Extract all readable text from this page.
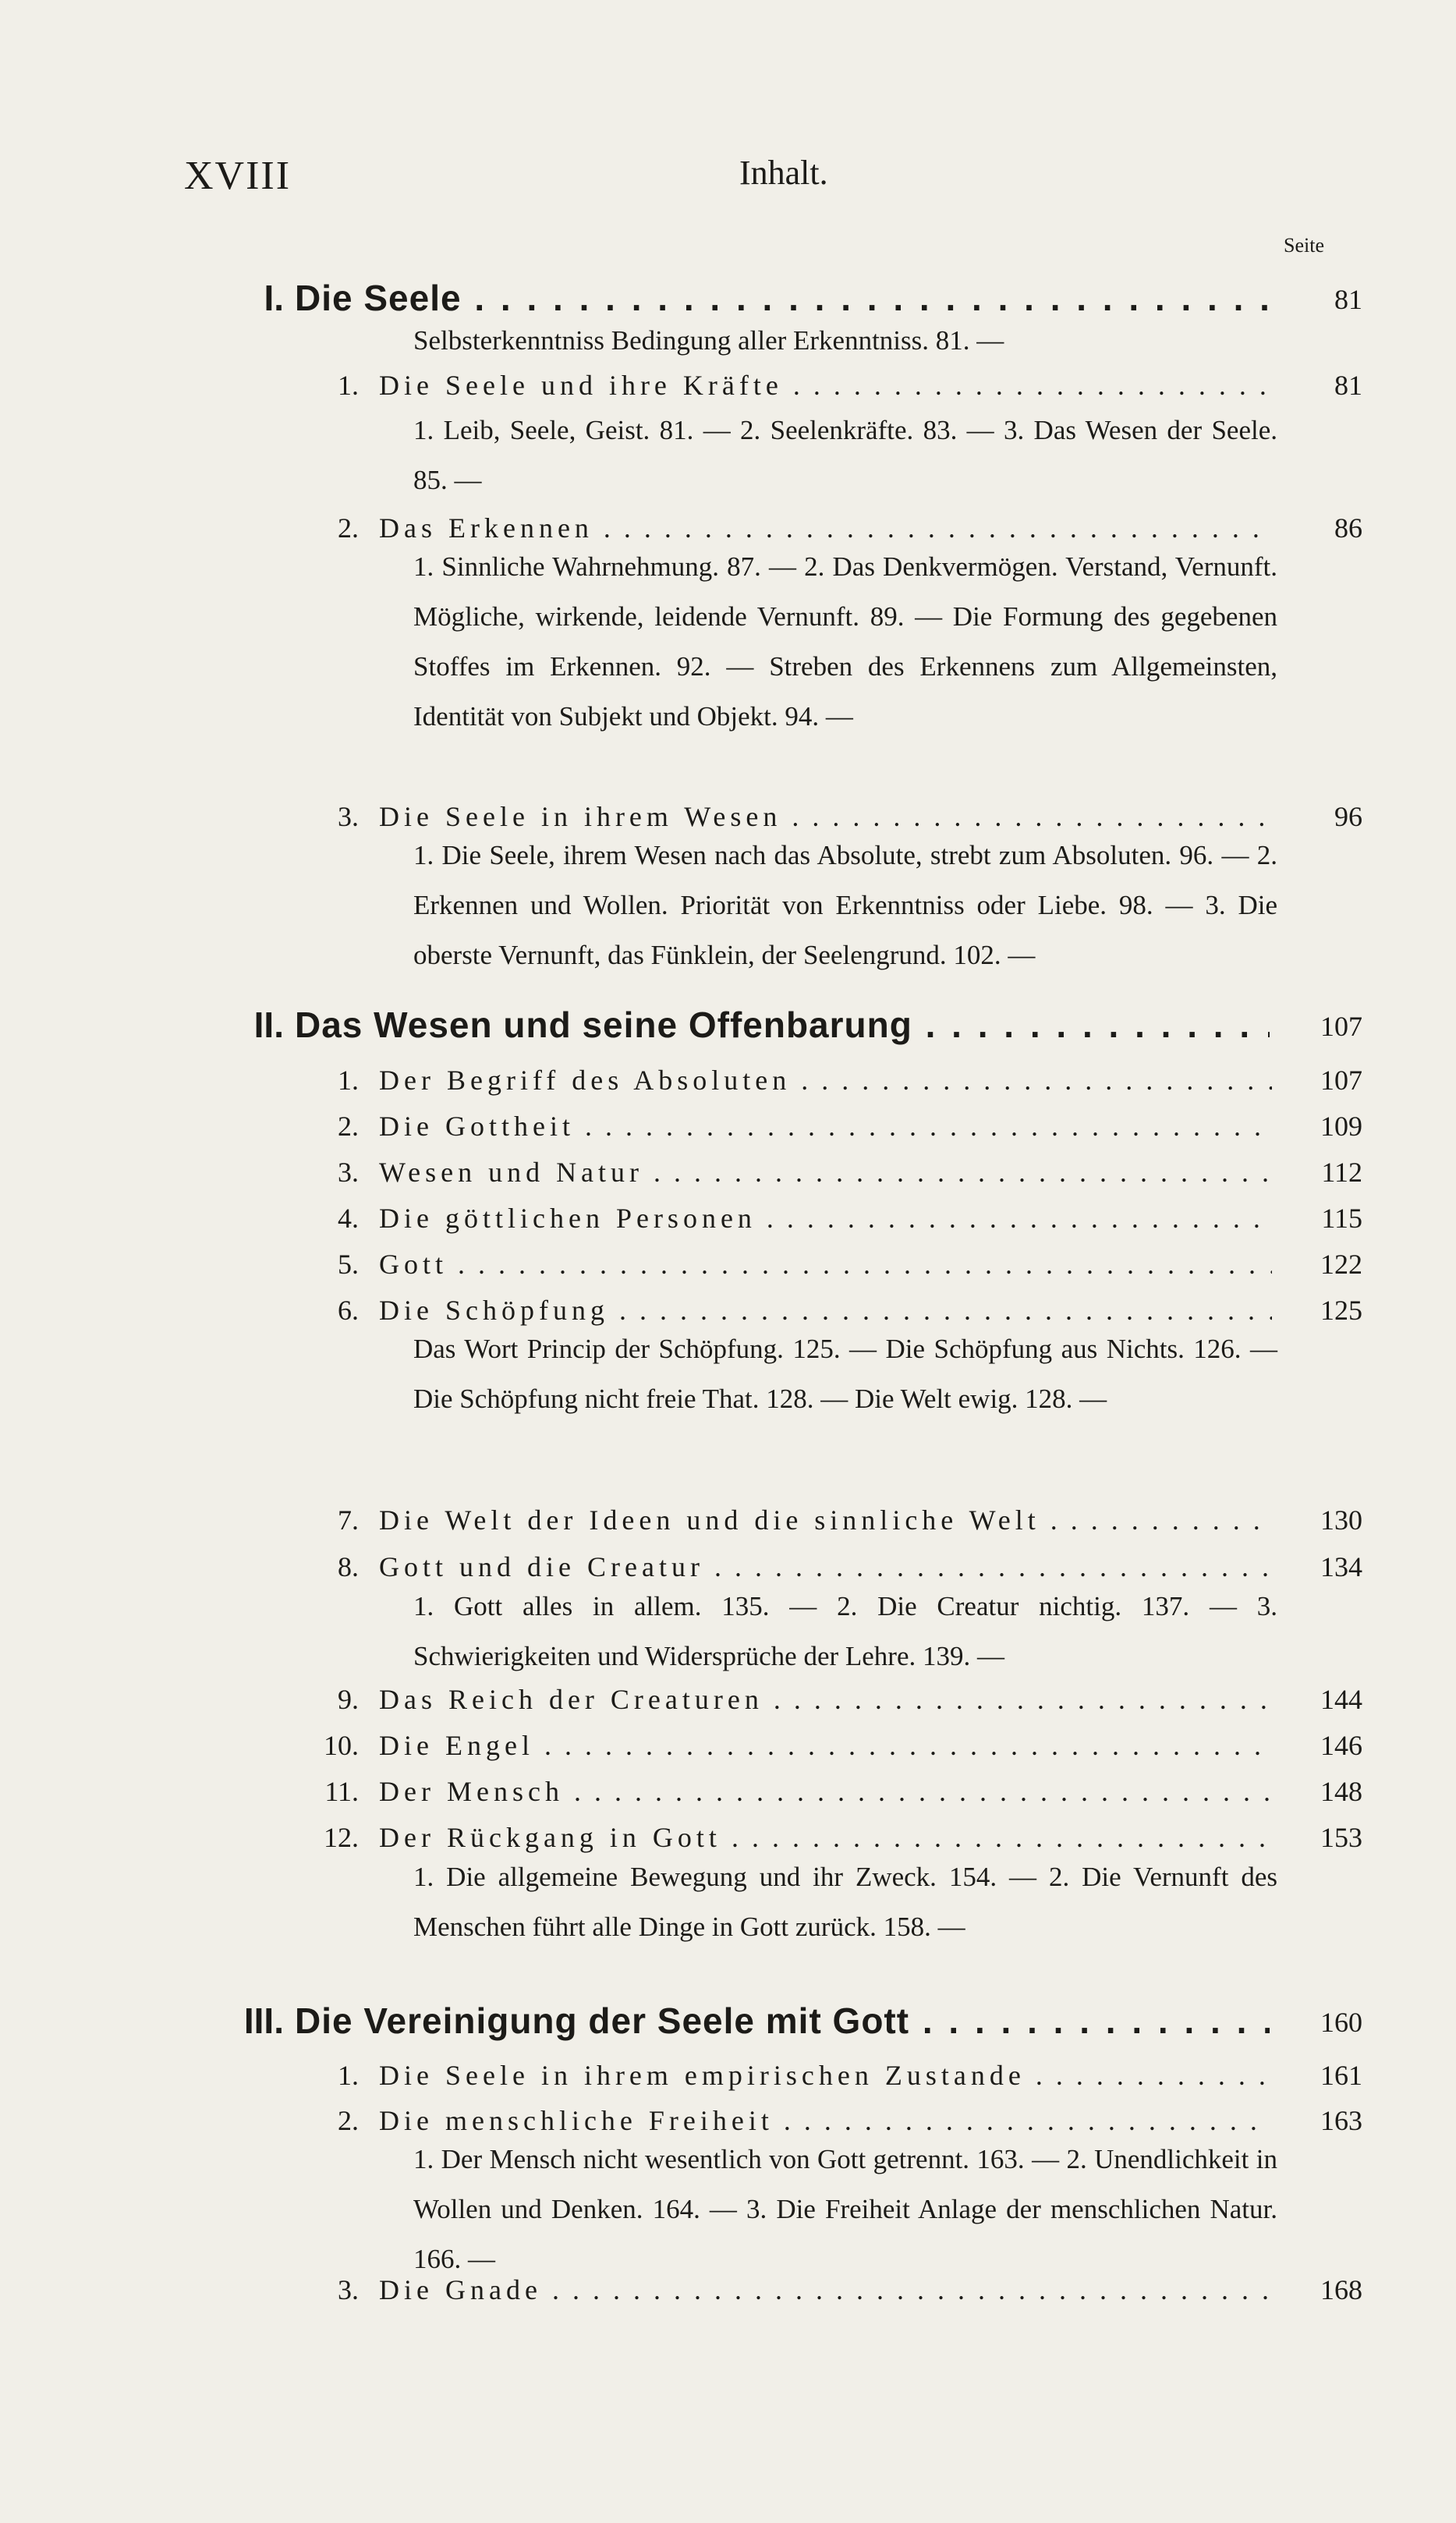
XVIII	Inhalt.
Seite
I. Die Seele . . .	81
Selbsterkenntniss Bedingung aller Erkenntniss. 81. —
1. Die Seele und ihre Kräfte . . .	81
1. Leib, Seele, Geist. 81. — 2. Seelenkräfte. 83. — 3. Das Wesen der Seele. 85. —
2. Das Erkennen . . .	86
1. Sinnliche Wahrnehmung. 87. — 2. Das Denkvermögen. Verstand, Vernunft. Mögliche, wirkende, leidende Vernunft. 89. — Die Formung des gegebenen Stoffes im Erkennen. 92. — Streben des Erkennens zum Allgemeinsten, Identität von Subjekt und Objekt. 94. —
3. Die Seele in ihrem Wesen . . .	96
1. Die Seele, ihrem Wesen nach das Absolute, strebt zum Absoluten. 96. — 2. Erkennen und Wollen. Priorität von Erkenntniss oder Liebe. 98. — 3. Die oberste Vernunft, das Fünklein, der Seelengrund. 102. —
II. Das Wesen und seine Offenbarung . . .	107
1. Der Begriff des Absoluten . . .	107
2. Die Gottheit . . .	109
3. Wesen und Natur . . .	112
4. Die göttlichen Personen . . .	115
5. Gott . . .	122
6. Die Schöpfung . . .	125
Das Wort Princip der Schöpfung. 125. — Die Schöpfung aus Nichts. 126. — Die Schöpfung nicht freie That. 128. — Die Welt ewig. 128. —
7. Die Welt der Ideen und die sinnliche Welt . . .	130
8. Gott und die Creatur . . .	134
1. Gott alles in allem. 135. — 2. Die Creatur nichtig. 137. — 3. Schwierigkeiten und Widersprüche der Lehre. 139. —
9. Das Reich der Creaturen . . .	144
10. Die Engel . . .	146
11. Der Mensch . . .	148
12. Der Rückgang in Gott . . .	153
1. Die allgemeine Bewegung und ihr Zweck. 154. — 2. Die Vernunft des Menschen führt alle Dinge in Gott zurück. 158. —
III. Die Vereinigung der Seele mit Gott . . .	160
1. Die Seele in ihrem empirischen Zustande . . .	161
2. Die menschliche Freiheit . . .	163
1. Der Mensch nicht wesentlich von Gott getrennt. 163. — 2. Unendlichkeit in Wollen und Denken. 164. — 3. Die Freiheit Anlage der menschlichen Natur. 166. —
3. Die Gnade . . .	168
